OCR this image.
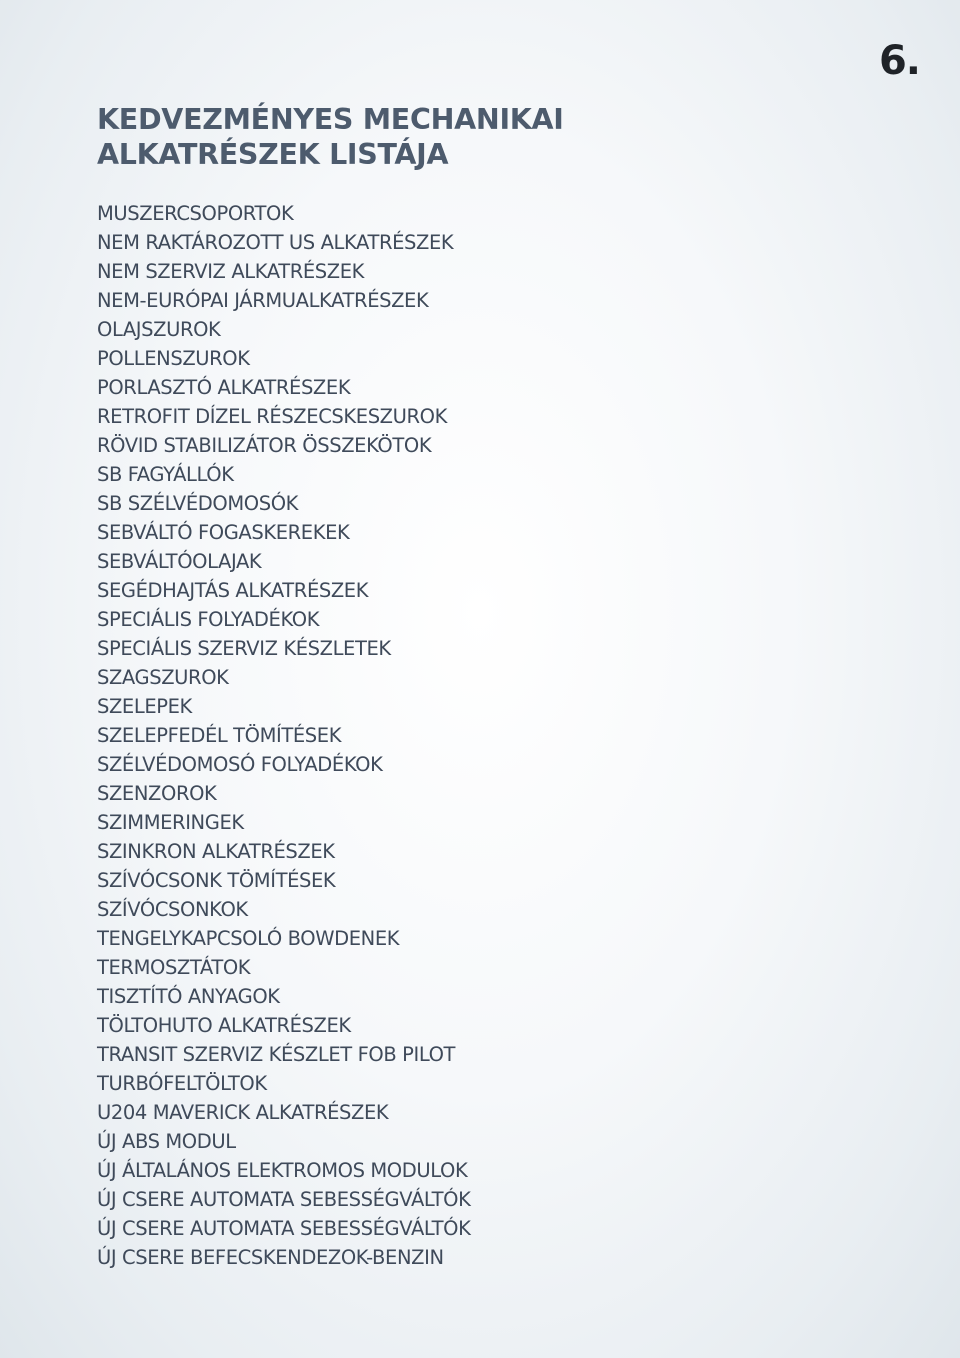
6.
KEDVEZMÉNYES MECHANIKAI
ALKATRÉSZEK LISTÁJA
MUSZERCSOPORTOK
NEM RAKTÁROZOTT US ALKATRÉSZEK
NEM SZERVIZ ALKATRÉSZEK
NEM-EURÓPAI JÁRMUALKATRÉSZEK
OLAJSZUROK
POLLENSZUROK
PORLASZTÓ ALKATRÉSZEK
RETROFIT DÍZEL RÉSZECSKESZUROK
RÖVID STABILIZÁTOR ÖSSZEKÖTOK
SB FAGYÁLLÓK
SB SZÉLVÉDOMOSÓK
SEBVÁLTÓ FOGASKEREKEK
SEBVÁLTÓOLAJAK
SEGÉDHAJTÁS ALKATRÉSZEK
SPECIÁLIS FOLYADÉKOK
SPECIÁLIS SZERVIZ KÉSZLETEK
SZAGSZUROK
SZELEPEK
SZELEPFEDÉL TÖMÍTÉSEK
SZÉLVÉDOMOSÓ FOLYADÉKOK
SZENZOROK
SZIMMERINGEK
SZINKRON ALKATRÉSZEK
SZÍVÓCSONK TÖMÍTÉSEK
SZÍVÓCSONKOK
TENGELYKAPCSOLÓ BOWDENEK
TERMOSZTÁTOK
TISZTÍTÓ ANYAGOK
TÖLTOHUTO ALKATRÉSZEK
TRANSIT SZERVIZ KÉSZLET FOB PILOT
TURBÓFELTÖLTOK
U204 MAVERICK ALKATRÉSZEK
ÚJ ABS MODUL
ÚJ ÁLTALÁNOS ELEKTROMOS MODULOK
ÚJ CSERE AUTOMATA SEBESSÉGVÁLTÓK
ÚJ CSERE AUTOMATA SEBESSÉGVÁLTÓK
ÚJ CSERE BEFECSKENDEZOK-BENZIN
